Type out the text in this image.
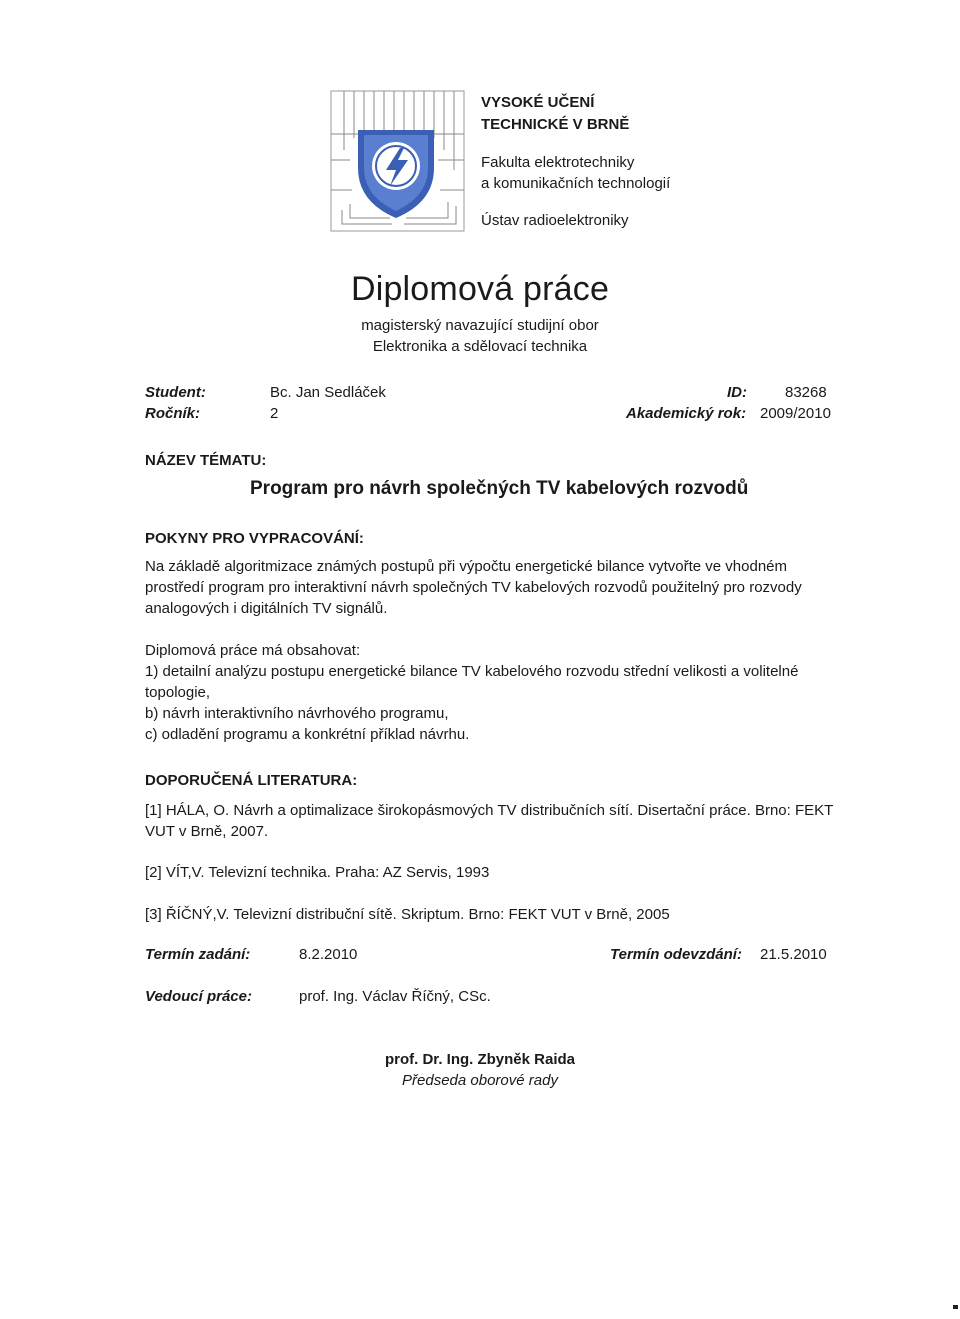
VYSOKÉ UČENÍ
TECHNICKÉ V BRNĚ
Fakulta elektrotechniky
a komunikačních technologií
Ústav radioelektroniky
Diplomová práce
magisterský navazující studijní obor
Elektronika a sdělovací technika
Student:	Bc. Jan Sedláček	ID:	83268
Ročník:	2	Akademický rok: 2009/2010
NÁZEV TÉMATU:
Program pro návrh společných TV kabelových rozvodů
POKYNY PRO VYPRACOVÁNÍ:
Na základě algoritmizace známých postupů při výpočtu energetické bilance vytvořte ve vhodném
prostředí program pro interaktivní návrh společných TV kabelových rozvodů použitelný pro rozvody
analogových i digitálních TV signálů.
Diplomová práce má obsahovat:
1) detailní analýzu postupu energetické bilance TV kabelového rozvodu střední velikosti a volitelné
topologie,
b) návrh interaktivního návrhového programu,
c) odladění programu a konkrétní příklad návrhu.
DOPORUČENÁ LITERATURA:
[1] HÁLA, O. Návrh a optimalizace širokopásmových TV distribučních sítí. Disertační práce. Brno: FEKT
VUT v Brně, 2007.
[2] VÍT,V. Televizní technika. Praha: AZ Servis, 1993
[3] ŘÍČNÝ,V. Televizní distribuční sítě. Skriptum. Brno: FEKT VUT v Brně, 2005
Termín zadání:	8.2.2010	Termín odevzdání: 21.5.2010
Vedoucí práce:	prof. Ing. Václav Říčný, CSc.
prof. Dr. Ing. Zbyněk Raida
Předseda oborové rady
